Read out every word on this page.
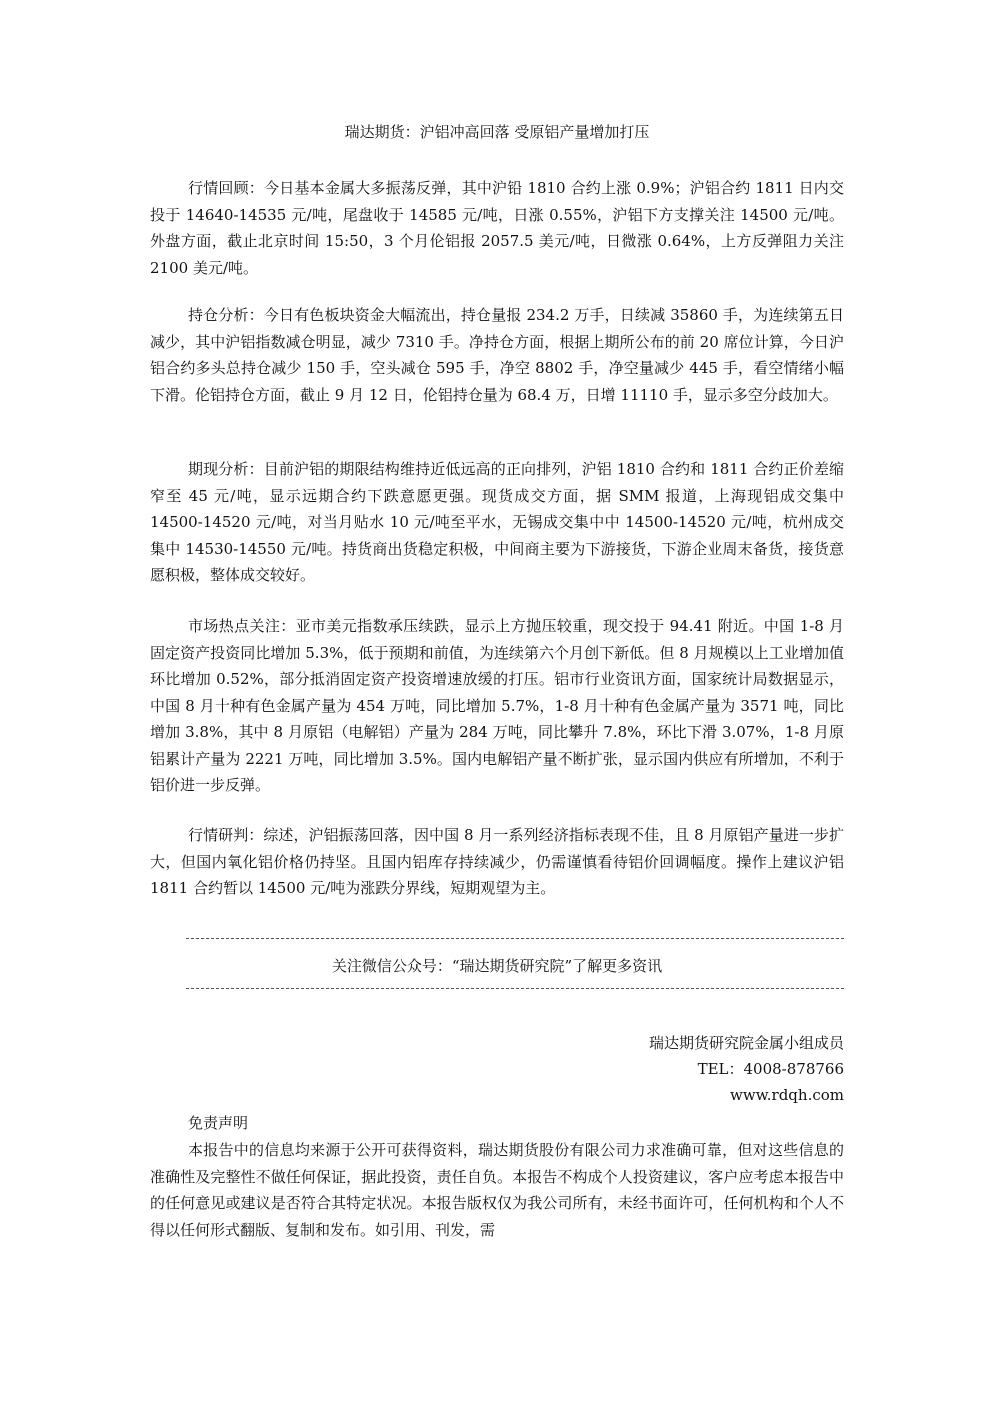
瑞达期货：沪铝冲高回落 受原铝产量增加打压

行情回顾：今日基本金属大多振荡反弹，其中沪铅 1810 合约上涨 0.9%；沪铝合约 1811 日内交投于 14640-14535 元/吨，尾盘收于 14585 元/吨，日涨 0.55%，沪铝下方支撑关注 14500 元/吨。外盘方面，截止北京时间 15:50，3 个月伦铝报 2057.5 美元/吨，日微涨 0.64%，上方反弹阻力关注 2100 美元/吨。

持仓分析：今日有色板块资金大幅流出，持仓量报 234.2 万手，日续减 35860 手，为连续第五日减少，其中沪铝指数减仓明显，减少 7310 手。净持仓方面，根据上期所公布的前 20 席位计算，今日沪铝合约多头总持仓减少 150 手，空头减仓 595 手，净空 8802 手，净空量减少 445 手，看空情绪小幅下滑。伦铝持仓方面，截止 9 月 12 日，伦铝持仓量为 68.4 万，日增 11110 手，显示多空分歧加大。

期现分析：目前沪铝的期限结构维持近低远高的正向排列，沪铝 1810 合约和 1811 合约正价差缩窄至 45 元/吨，显示远期合约下跌意愿更强。现货成交方面，据 SMM 报道，上海现铝成交集中 14500-14520 元/吨，对当月贴水 10 元/吨至平水，无锡成交集中中 14500-14520 元/吨，杭州成交集中 14530-14550 元/吨。持货商出货稳定积极，中间商主要为下游接货，下游企业周末备货，接货意愿积极，整体成交较好。

市场热点关注：亚市美元指数承压续跌，显示上方抛压较重，现交投于 94.41 附近。中国 1-8 月固定资产投资同比增加 5.3%，低于预期和前值，为连续第六个月创下新低。但 8 月规模以上工业增加值环比增加 0.52%，部分抵消固定资产投资增速放缓的打压。铝市行业资讯方面，国家统计局数据显示，中国 8 月十种有色金属产量为 454 万吨，同比增加 5.7%，1-8 月十种有色金属产量为 3571 吨，同比增加 3.8%，其中 8 月原铝（电解铝）产量为 284 万吨，同比攀升 7.8%，环比下滑 3.07%，1-8 月原铝累计产量为 2221 万吨，同比增加 3.5%。国内电解铝产量不断扩张，显示国内供应有所增加，不利于铝价进一步反弹。

行情研判：综述，沪铝振荡回落，因中国 8 月一系列经济指标表现不佳，且 8 月原铝产量进一步扩大，但国内氧化铝价格仍持坚。且国内铝库存持续减少，仍需谨慎看待铝价回调幅度。操作上建议沪铝 1811 合约暂以 14500 元/吨为涨跌分界线，短期观望为主。

关注微信公众号：“瑞达期货研究院”了解更多资讯
瑞达期货研究院金属小组成员
TEL：4008-878766
www.rdqh.com
免责声明

本报告中的信息均来源于公开可获得资料，瑞达期货股份有限公司力求准确可靠，但对这些信息的准确性及完整性不做任何保证，据此投资，责任自负。本报告不构成个人投资建议，客户应考虑本报告中的任何意见或建议是否符合其特定状况。本报告版权仅为我公司所有，未经书面许可，任何机构和个人不得以任何形式翻版、复制和发布。如引用、刊发，需
